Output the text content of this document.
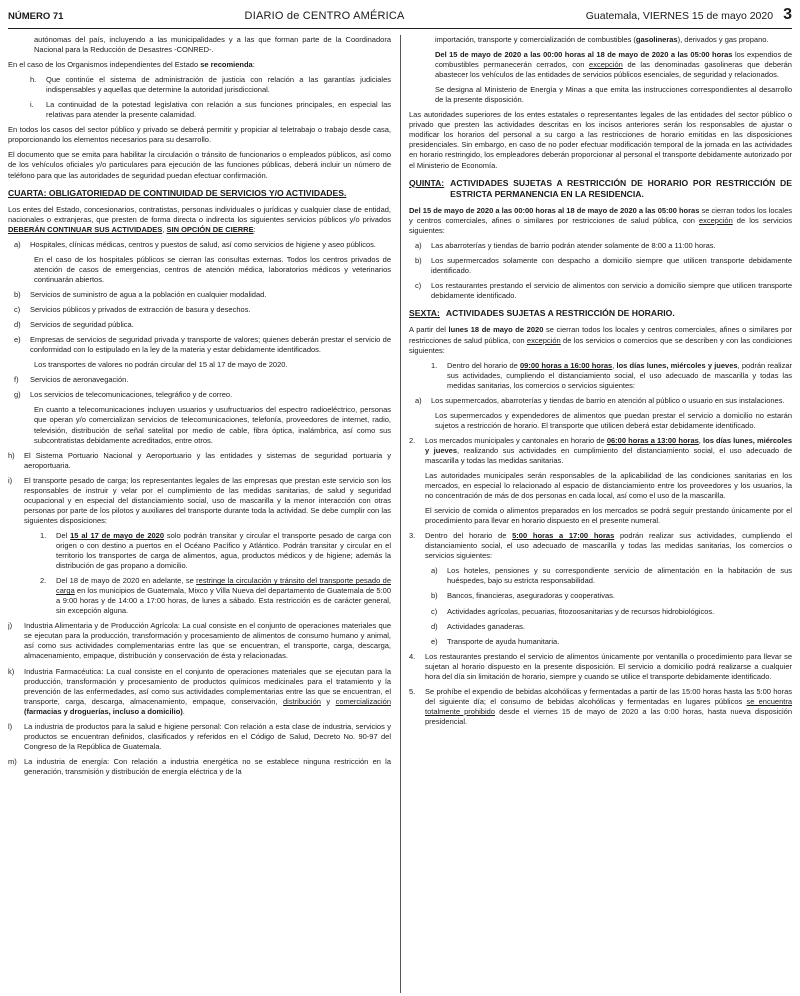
NÚMERO 71	DIARIO de CENTRO AMÉRICA	Guatemala, VIERNES 15 de mayo 2020 3

autónomas del país, incluyendo a las municipalidades y a las que forman parte de la Coordinadora Nacional para la Reducción de Desastres -CONRED-.

En el caso de los Organismos independientes del Estado se recomienda:

h.	Que continúe el sistema de administración de justicia con relación a las garantías judiciales indispensables y aquellas que determine la autoridad jurisdiccional.
i.	La continuidad de la potestad legislativa con relación a sus funciones principales, en especial las relativas para atender la presente calamidad.

En todos los casos del sector público y privado se deberá permitir y propiciar al teletrabajo o trabajo desde casa, proporcionando los elementos necesarios para su desarrollo.

El documento que se emita para habilitar la circulación o tránsito de funcionarios o empleados públicos, así como de los vehículos oficiales y/o particulares para ejecución de las funciones públicas, deberá incluir un número de teléfono para que las autoridades de seguridad puedan efectuar confirmación.

CUARTA: OBLIGATORIEDAD DE CONTINUIDAD DE SERVICIOS Y/O ACTIVIDADES.

Los entes del Estado, concesionarios, contratistas, personas individuales o jurídicas y cualquier clase de entidad, nacionales o extranjeras, que presten de forma directa o indirecta los siguientes servicios públicos y/o privados DEBERÁN CONTINUAR SUS ACTIVIDADES, SIN OPCIÓN DE CIERRE:

a)	Hospitales, clínicas médicas, centros y puestos de salud, así como servicios de higiene y aseo públicos.

En el caso de los hospitales públicos se cierran las consultas externas. Todos los centros privados de atención de casos de emergencias, centros de atención médica, laboratorios médicos y veterinarios continuarán abiertos.

b)	Servicios de suministro de agua a la población en cualquier modalidad.
c)	Servicios públicos y privados de extracción de basura y desechos.
d)	Servicios de seguridad pública.
e)	Empresas de servicios de seguridad privada y transporte de valores; quienes deberán prestar el servicio de conformidad con lo estipulado en la ley de la materia y estar debidamente identificados.

Los transportes de valores no podrán circular del 15 al 17 de mayo de 2020.

f)	Servicios de aeronavegación.
g)	Los servicios de telecomunicaciones, telegráfico y de correo.

En cuanto a telecomunicaciones incluyen usuarios y usufructuarios del espectro radioeléctrico, personas que operan y/o comercializan servicios de telecomunicaciones, telefonía, proveedores de internet, radio, televisión, distribución de señal satelital por medio de cable, fibra óptica, inalámbrica, así como sus subcontratistas debidamente acreditados, entre otros.

h)	El Sistema Portuario Nacional y Aeroportuario y las entidades y sistemas de seguridad portuaria y aeroportuaria.
i)	El transporte pesado de carga; los representantes legales de las empresas que prestan este servicio son los responsables de instruir y velar por el cumplimiento de las medidas sanitarias, de salud y seguridad ocupacional y en especial del distanciamiento social, uso de mascarilla y la menor interacción con otras personas por parte de los pilotos y auxiliares del transporte durante toda la actividad. Se debe cumplir con las siguientes disposiciones:
1.	Del 15 al 17 de mayo de 2020 solo podrán transitar y circular el transporte pesado de carga con origen o con destino a puertos en el Océano Pacífico y Atlántico. Podrán transitar y circular en el territorio los transportes de carga de alimentos, agua, productos médicos y de higiene; además la distribución de gas propano a domicilio.
2.	Del 18 de mayo de 2020 en adelante, se restringe la circulación y tránsito del transporte pesado de carga en los municipios de Guatemala, Mixco y Villa Nueva del departamento de Guatemala de 5:00 a 9:00 horas y de 14:00 a 17:00 horas, de lunes a sábado. Esta restricción es de carácter general, sin excepción alguna.
j)	Industria Alimentaria y de Producción Agrícola: La cual consiste en el conjunto de operaciones materiales que se ejecutan para la producción, transformación y procesamiento de alimentos de consumo humano y animal, así como sus actividades complementarias entre las que se encuentran, el transporte, carga, descarga, almacenamiento, empaque, distribución y conservación de ésta y relacionadas.
k)	Industria Farmacéutica: La cual consiste en el conjunto de operaciones materiales que se ejecutan para la producción, transformación y procesamiento de productos químicos medicinales para el tratamiento y la prevención de las enfermedades, así como sus actividades complementarias entre las que se encuentran, el transporte, carga, descarga, almacenamiento, empaque, conservación, distribución y comercialización (farmacias y droguerías, incluso a domicilio).
l)	La industria de productos para la salud e higiene personal: Con relación a esta clase de industria, servicios y productos se encuentran definidos, clasificados y referidos en el Código de Salud, Decreto No. 90-97 del Congreso de la República de Guatemala.
m) La industria de energía: Con relación a industria energética no se establece ninguna restricción en la generación, transmisión y distribución de energía eléctrica y de la

importación, transporte y comercialización de combustibles (gasolineras), derivados y gas propano.

Del 15 de mayo de 2020 a las 00:00 horas al 18 de mayo de 2020 a las 05:00 horas los expendios de combustibles permanecerán cerrados, con excepción de las denominadas gasolineras que deberán abastecer los vehículos de las entidades de servicios públicos esenciales, de seguridad y relacionados.

Se designa al Ministerio de Energía y Minas a que emita las instrucciones correspondientes al desarrollo de la presente disposición.

Las autoridades superiores de los entes estatales o representantes legales de las entidades del sector público o privado que presten las actividades descritas en los incisos anteriores serán los responsables de ajustar o modificar los horarios del personal a su cargo a las restricciones de horario emitidas en las disposiciones presidenciales. Sin embargo, en caso de no poder efectuar modificación temporal de la jornada en las actividades en horario restringido, los empleadores deberán proporcionar al personal el transporte debidamente autorizado por el Ministerio de Economía.

QUINTA: ACTIVIDADES SUJETAS A RESTRICCIÓN DE HORARIO POR RESTRICCIÓN DE ESTRICTA PERMANENCIA EN LA RESIDENCIA.

Del 15 de mayo de 2020 a las 00:00 horas al 18 de mayo de 2020 a las 05:00 horas se cierran todos los locales y centros comerciales, afines o similares por restricciones de salud pública, con excepción de los servicios siguientes:

a)	Las abarroterías y tiendas de barrio podrán atender solamente de 8:00 a 11:00 horas.
b)	Los supermercados solamente con despacho a domicilio siempre que utilicen transporte debidamente identificado.
c)	Los restaurantes prestando el servicio de alimentos con servicio a domicilio siempre que utilicen transporte debidamente identificado.
SEXTA: ACTIVIDADES SUJETAS A RESTRICCIÓN DE HORARIO.

A partir del lunes 18 de mayo de 2020 se cierran todos los locales y centros comerciales, afines o similares por restricciones de salud pública, con excepción de los servicios o comercios que se describen y con las condiciones siguientes:

1.	Dentro del horario de 09:00 horas a 16:00 horas, los días lunes, miércoles y jueves, podrán realizar sus actividades, cumpliendo el distanciamiento social, el uso adecuado de mascarilla y todas las medidas sanitarias, los comercios o servicios siguientes:
a)	Los supermercados, abarroterías y tiendas de barrio en atención al público o usuario en sus instalaciones.

Los supermercados y expendedores de alimentos que puedan prestar el servicio a domicilio no estarán sujetos a restricción de horario. El transporte que utilicen deberá estar debidamente identificado.

2.	Los mercados municipales y cantonales en horario de 06:00 horas a 13:00 horas, los días lunes, miércoles y jueves, realizando sus actividades en cumplimiento del distanciamiento social, el uso adecuado de mascarilla y todas las medidas sanitarias.

Las autoridades municipales serán responsables de la aplicabilidad de las condiciones sanitarias en los mercados, en especial lo relacionado al espacio de distanciamiento entre los proveedores y los usuarios, la no concentración de más de dos personas en cada local, así como el uso de la mascarilla.

El servicio de comida o alimentos preparados en los mercados se podrá seguir prestando únicamente por el procedimiento para llevar en horario dispuesto en el presente numeral.

3.	Dentro del horario de 5:00 horas a 17:00 horas podrán realizar sus actividades, cumpliendo el distanciamiento social, el uso adecuado de mascarilla y todas las medidas sanitarias, los comercios o servicios siguientes:
a)	Los hoteles, pensiones y su correspondiente servicio de alimentación en la habitación de sus huéspedes, bajo su estricta responsabilidad.
b)	Bancos, financieras, aseguradoras y cooperativas.
c)	Actividades agrícolas, pecuarias, fitozoosanitarias y de recursos hidrobiológicos.
d)	Actividades ganaderas.
e)	Transporte de ayuda humanitaria.
4.	Los restaurantes prestando el servicio de alimentos únicamente por ventanilla o procedimiento para llevar se sujetan al horario dispuesto en la presente disposición. El servicio a domicilio podrá realizarse a cualquier hora del día sin limitación de horario, siempre y cuando se utilice el transporte debidamente identificado.
5.	Se prohíbe el expendio de bebidas alcohólicas y fermentadas a partir de las 15:00 horas hasta las 5:00 horas del siguiente día; el consumo de bebidas alcohólicas y fermentadas en lugares públicos se encuentra totalmente prohibido desde el viernes 15 de mayo de 2020 a las 0:00 horas, hasta nueva disposición presidencial.
